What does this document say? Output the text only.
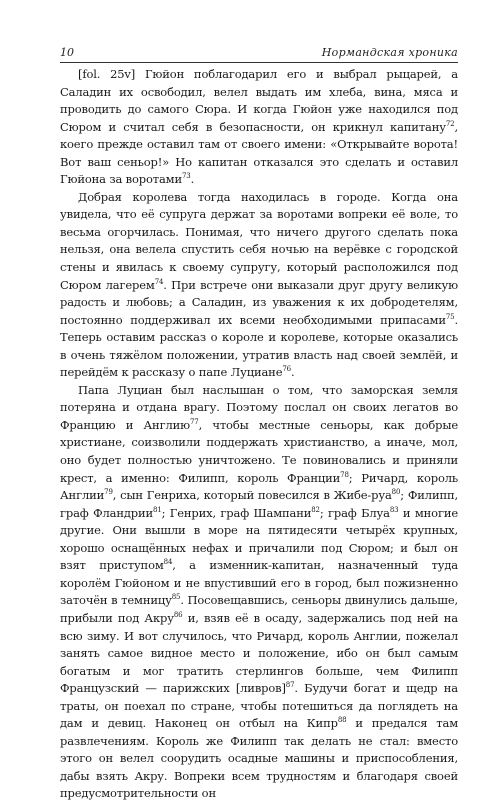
10	Нормандская хроника

[fol. 25v] Гюйон поблагодарил его и выбрал рыцарей, а Саладин их освободил, велел выдать им хлеба, вина, мяса и проводить до самого Сюра. И когда Гюйон уже находился под Сюром и считал себя в безопасности, он крикнул капитану$^{72}$, коего прежде оставил там от своего имени: «Открывайте ворота! Вот ваш сеньор!» Но капитан отказался это сделать и оставил Гюйона за воротами$^{73}$.

Добрая королева тогда находилась в городе. Когда она увидела, что её супруга держат за воротами вопреки её воле, то весьма огорчилась. Понимая, что ничего другого сделать пока нельзя, она велела спустить себя ночью на верёвке с городской стены и явилась к своему супругу, который расположился под Сюром лагерем$^{74}$. При встрече они выказали друг другу великую радость и любовь; а Саладин, из уважения к их добродетелям, постоянно поддерживал их всеми необходимыми припасами$^{75}$. Теперь оставим рассказ о короле и королеве, которые оказались в очень тяжёлом положении, утратив власть над своей землёй, и перейдём к рассказу о папе Луциане$^{76}$.

Папа Луциан был наслышан о том, что заморская земля потеряна и отдана врагу. Поэтому послал он своих легатов во Францию и Англию$^{77}$, чтобы местные сеньоры, как добрые христиане, соизволили поддержать христианство, а иначе, мол, оно будет полностью уничтожено. Те повиновались и приняли крест, а именно: Филипп, король Франции$^{78}$; Ричард, король Англии$^{79}$, сын Генриха, который повесился в Жибе-руа$^{80}$; Филипп, граф Фландрии$^{81}$; Генрих, граф Шампани$^{82}$; граф Блуа$^{83}$ и многие другие. Они вышли в море на пятидесяти четырёх крупных, хорошо оснащённых нефах и причалили под Сюром; и был он взят приступом$^{84}$, а изменник-капитан, назначенный туда королём Гюйоном и не впустивший его в город, был пожизненно заточён в темницу$^{85}$. Посовещавшись, сеньоры двинулись дальше, прибыли под Акру$^{86}$ и, взяв её в осаду, задержались под ней на всю зиму. И вот случилось, что Ричард, король Англии, пожелал занять самое видное место и положение, ибо он был самым богатым и мог тратить стерлингов больше, чем Филипп Французский — парижских [ливров]$^{87}$. Будучи богат и щедр на траты, он поехал по стране, чтобы потешиться да поглядеть на дам и девиц. Наконец он отбыл на Кипр$^{88}$ и предался там развлечениям. Король же Филипп так делать не стал: вместо этого он велел соорудить осадные машины и приспособления, дабы взять Акру. Вопреки всем трудностям и благодаря своей предусмотрительности он
